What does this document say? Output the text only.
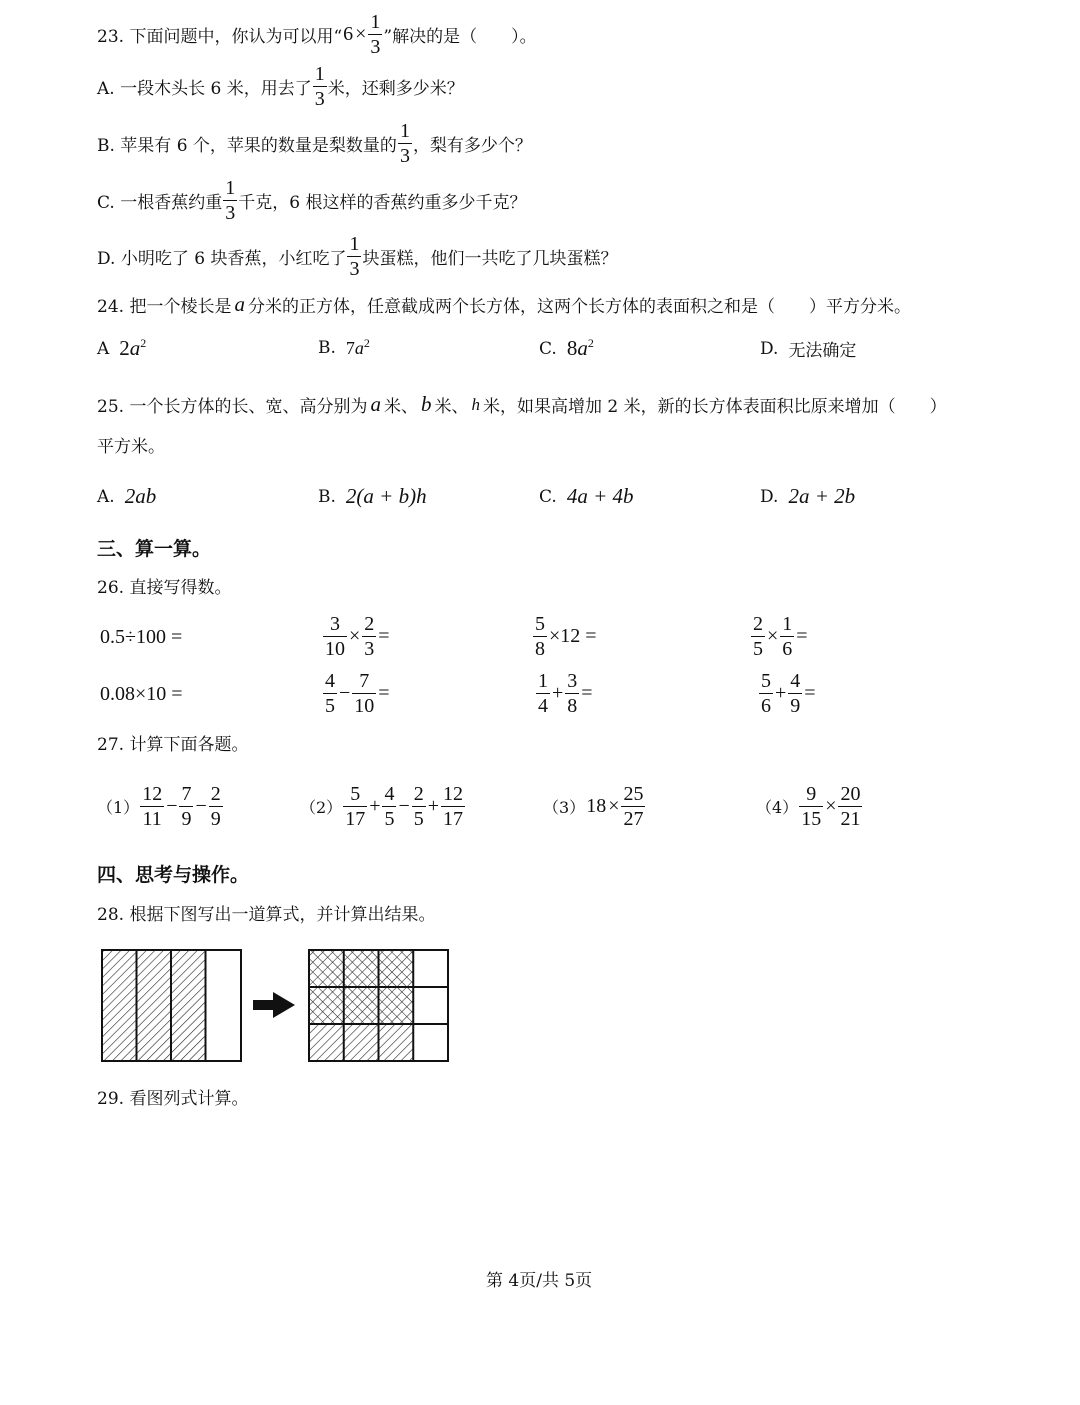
23. 下面问题中，你认为可以用“ $6 \times \frac{1}{3}$ ”解决的是（　　）。
A. 一段木头长 6 米，用去了 $\frac{1}{3}$ 米，还剩多少米？
B. 苹果有 6 个，苹果的数量是梨数量的 $\frac{1}{3}$ ，梨有多少个？
C. 一根香蕉约重 $\frac{1}{3}$ 千克，6 根这样的香蕉约重多少千克？
D. 小明吃了 6 块香蕉，小红吃了 $\frac{1}{3}$ 块蛋糕，他们一共吃了几块蛋糕？
24. 把一个棱长是 a 分米的正方体，任意截成两个长方体，这两个长方体的表面积之和是（　　）平方分米。
A $2a^2$	B. $7a^2$	C. $8a^2$	D. 无法确定
25. 一个长方体的长、宽、高分别为 a 米、 b 米、 h 米，如果高增加 2 米，新的长方体表面积比原来增加（　　）
平方米。
A. 2ab	B. 2(a + b)h	C. 4a + 4b	D. 2a + 2b
三、算一算。
26. 直接写得数。
0.5÷100 =	$\frac{3}{10} \times \frac{2}{3}$ =	$\frac{5}{8} \times 12$ =	$\frac{2}{5} \times \frac{1}{6}$ =
0.08×10 =	$\frac{4}{5} - \frac{7}{10}$ =	$\frac{1}{4} + \frac{3}{8}$ =	$\frac{5}{6} + \frac{4}{9}$ =
27. 计算下面各题。
$(1) \frac{12}{11} - \frac{7}{9} - \frac{2}{9}$	$(2) \frac{5}{17} + \frac{4}{5} - \frac{2}{5} + \frac{12}{17}$	（3） $18 \times \frac{25}{27}$	$(4) \frac{9}{15} \times \frac{20}{21}$
四、思考与操作。
28. 根据下图写出一道算式，并计算出结果。
29. 看图列式计算。
第 4页/共 5页
